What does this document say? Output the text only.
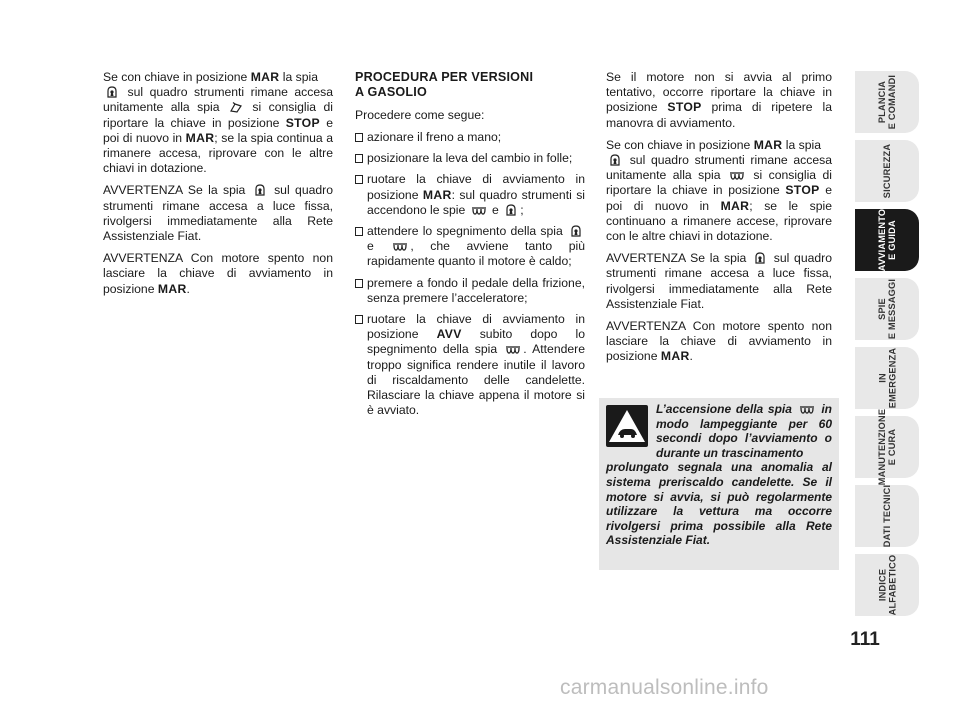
Se con chiave in posizione MAR la spia

sul quadro strumenti rimane accesa unitamente alla spia
si consiglia di riportare la chiave in posizione STOP e poi di nuovo in MAR; se la spia continua a rimanere accesa, riprovare con le altre chiavi in dotazione.

AVVERTENZA Se la spia
sul quadro strumenti rimane accesa a luce fissa, rivolgersi immediatamente alla Rete Assistenziale Fiat.

AVVERTENZA Con motore spento non lasciare la chiave di avviamento in posizione MAR.

PROCEDURA PER VERSIONI
A GASOLIO

Procedere come segue:

azionare il freno a mano;
posizionare la leva del cambio in folle;
ruotare la chiave di avviamento in posizione MAR: sul quadro strumenti si accendono le spie
e
;
attendere lo spegnimento della spia
e
, che avviene tanto più rapidamente quanto il motore è caldo;
premere a fondo il pedale della frizione, senza premere l’acceleratore;
ruotare la chiave di avviamento in posizione AVV subito dopo lo spegnimento della spia
. Attendere troppo significa rendere inutile il lavoro di riscaldamento delle candelette. Rilasciare la chiave appena il motore si è avviato.

Se il motore non si avvia al primo tentativo, occorre riportare la chiave in posizione STOP prima di ripetere la manovra di avviamento.

Se con chiave in posizione MAR la spia

sul quadro strumenti rimane accesa unitamente alla spia
si consiglia di riportare la chiave in posizione STOP e poi di nuovo in MAR; se le spie continuano a rimanere accese, riprovare con le altre chiavi in dotazione.

AVVERTENZA Se la spia
sul quadro strumenti rimane accesa a luce fissa, rivolgersi immediatamente alla Rete Assistenziale Fiat.

AVVERTENZA Con motore spento non lasciare la chiave di avviamento in posizione MAR.

L’accensione della spia
in modo lampeggiante per 60 secondi dopo l’avviamento o durante un trascinamento
prolungato segnala una anomalia al sistema preriscaldo candelette. Se il motore si avvia, si può regolarmente utilizzare la vettura ma occorre rivolgersi prima possibile alla Rete Assistenziale Fiat.
PLANCIA
E COMANDI
SICUREZZA
AVVIAMENTO
E GUIDA
SPIE
E MESSAGGI
IN
EMERGENZA
MANUTENZIONE
E CURA
DATI TECNICI
INDICE
ALFABETICO
111
carmanualsonline.info
